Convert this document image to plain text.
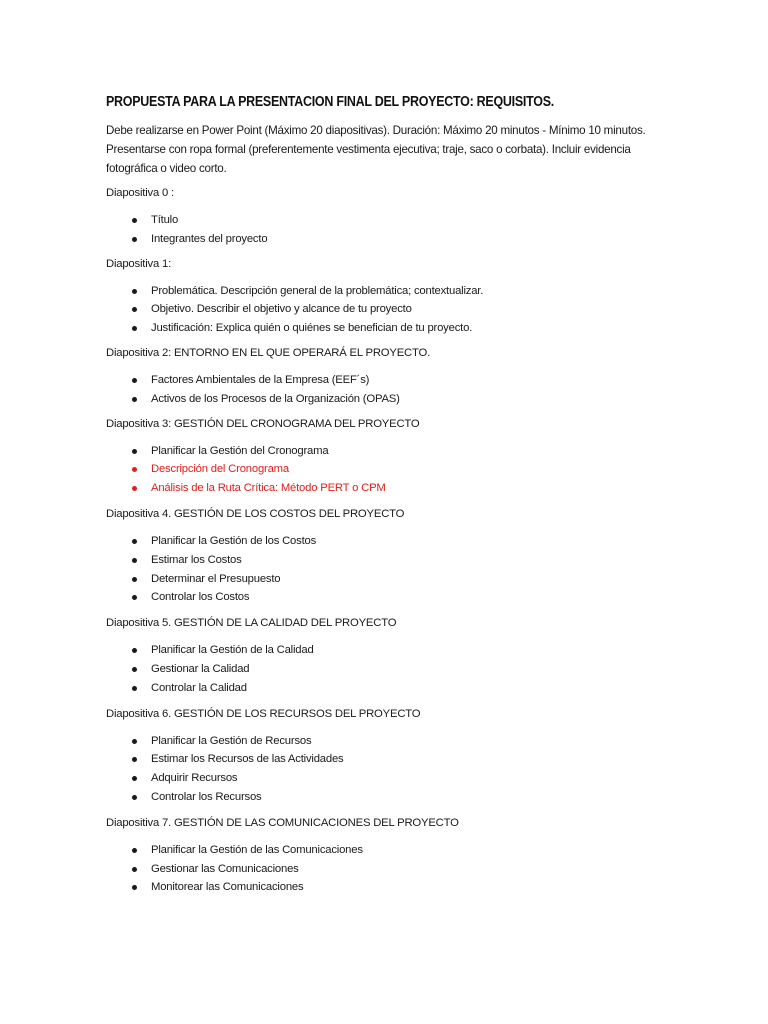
PROPUESTA PARA LA PRESENTACION FINAL DEL PROYECTO: REQUISITOS.

Debe realizarse en Power Point (Máximo 20 diapositivas). Duración: Máximo 20 minutos - Mínimo 10 minutos. Presentarse con ropa formal (preferentemente vestimenta ejecutiva; traje, saco o corbata). Incluir evidencia fotográfica o video corto.

Diapositiva 0 :

Título
Integrantes del proyecto

Diapositiva 1:

Problemática. Descripción general de la problemática; contextualizar.
Objetivo. Describir el objetivo y alcance de tu proyecto
Justificación: Explica quién o quiénes se benefician de tu proyecto.

Diapositiva 2: ENTORNO EN EL QUE OPERARÁ EL PROYECTO.

Factores Ambientales de la Empresa (EEF´s)
Activos de los Procesos de la Organización (OPAS)

Diapositiva 3: GESTIÓN DEL CRONOGRAMA DEL PROYECTO

Planificar la Gestión del Cronograma
Descripción del Cronograma
Análisis de la Ruta Crítica: Método PERT o CPM

Diapositiva 4. GESTIÓN DE LOS COSTOS DEL PROYECTO

Planificar la Gestión de los Costos
Estimar los Costos
Determinar el Presupuesto
Controlar los Costos

Diapositiva 5. GESTIÓN DE LA CALIDAD DEL PROYECTO

Planificar la Gestión de la Calidad
Gestionar la Calidad
Controlar la Calidad

Diapositiva 6. GESTIÓN DE LOS RECURSOS DEL PROYECTO

Planificar la Gestión de Recursos
Estimar los Recursos de las Actividades
Adquirir Recursos
Controlar los Recursos

Diapositiva 7. GESTIÓN DE LAS COMUNICACIONES DEL PROYECTO

Planificar la Gestión de las Comunicaciones
Gestionar las Comunicaciones
Monitorear las Comunicaciones
